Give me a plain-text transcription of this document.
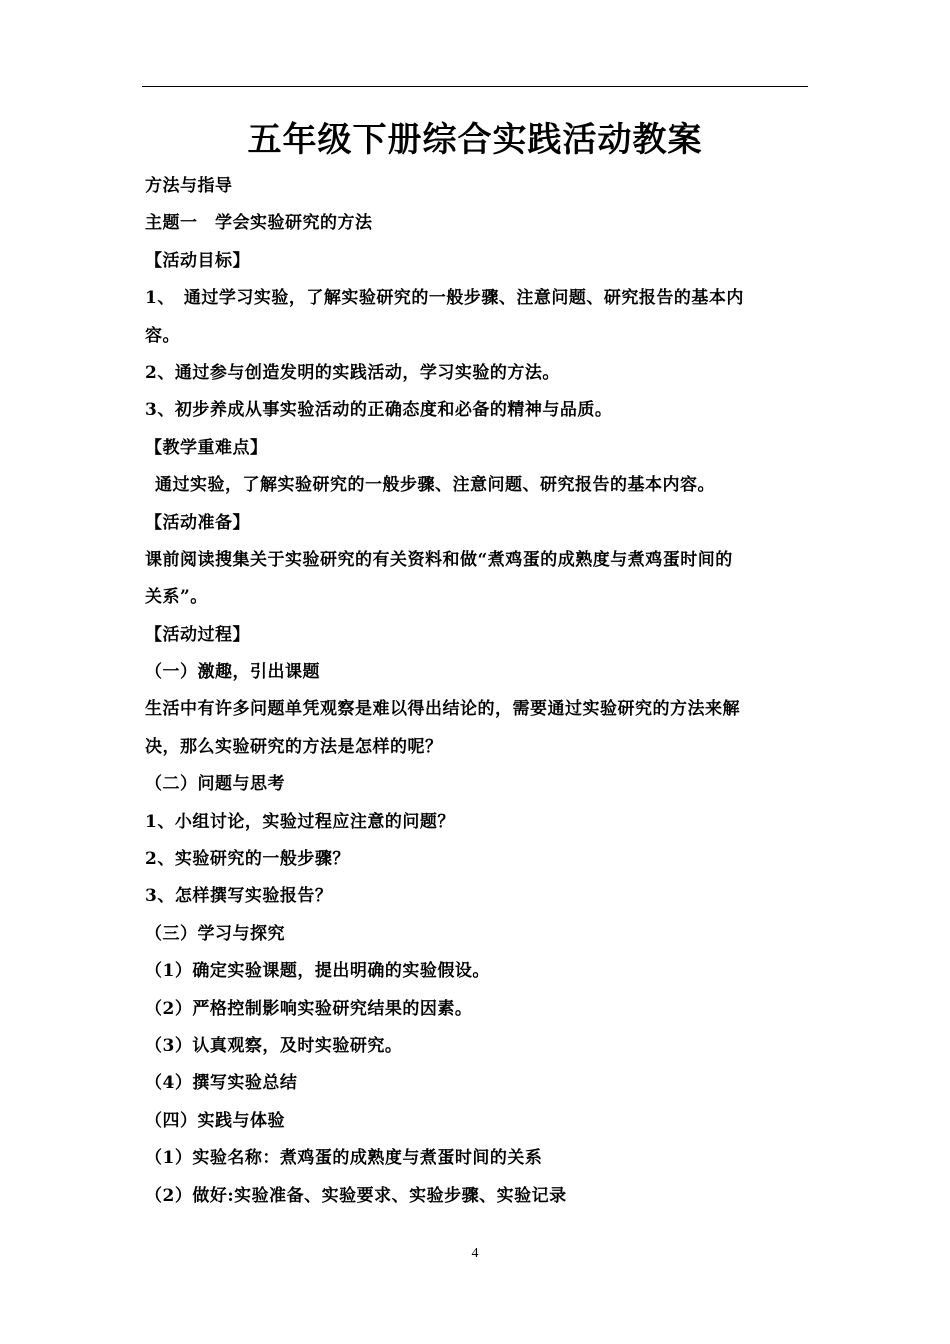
五年级下册综合实践活动教案

方法与指导

主题一　学会实验研究的方法

【活动目标】

1、　通过学习实验，了解实验研究的一般步骤、注意问题、研究报告的基本内

容。

2、通过参与创造发明的实践活动，学习实验的方法。

3、初步养成从事实验活动的正确态度和必备的精神与品质。

【教学重难点】

通过实验，了解实验研究的一般步骤、注意问题、研究报告的基本内容。

【活动准备】

课前阅读搜集关于实验研究的有关资料和做“煮鸡蛋的成熟度与煮鸡蛋时间的

关系”。

【活动过程】

（一）激趣，引出课题

生活中有许多问题单凭观察是难以得出结论的，需要通过实验研究的方法来解

决，那么实验研究的方法是怎样的呢？

（二）问题与思考

1、小组讨论，实验过程应注意的问题？

2、实验研究的一般步骤？

3、怎样撰写实验报告？

（三）学习与探究

（1）确定实验课题，提出明确的实验假设。

（2）严格控制影响实验研究结果的因素。

（3）认真观察，及时实验研究。

（4）撰写实验总结

（四）实践与体验

（1）实验名称：煮鸡蛋的成熟度与煮蛋时间的关系

（2）做好:实验准备、实验要求、实验步骤、实验记录

4
